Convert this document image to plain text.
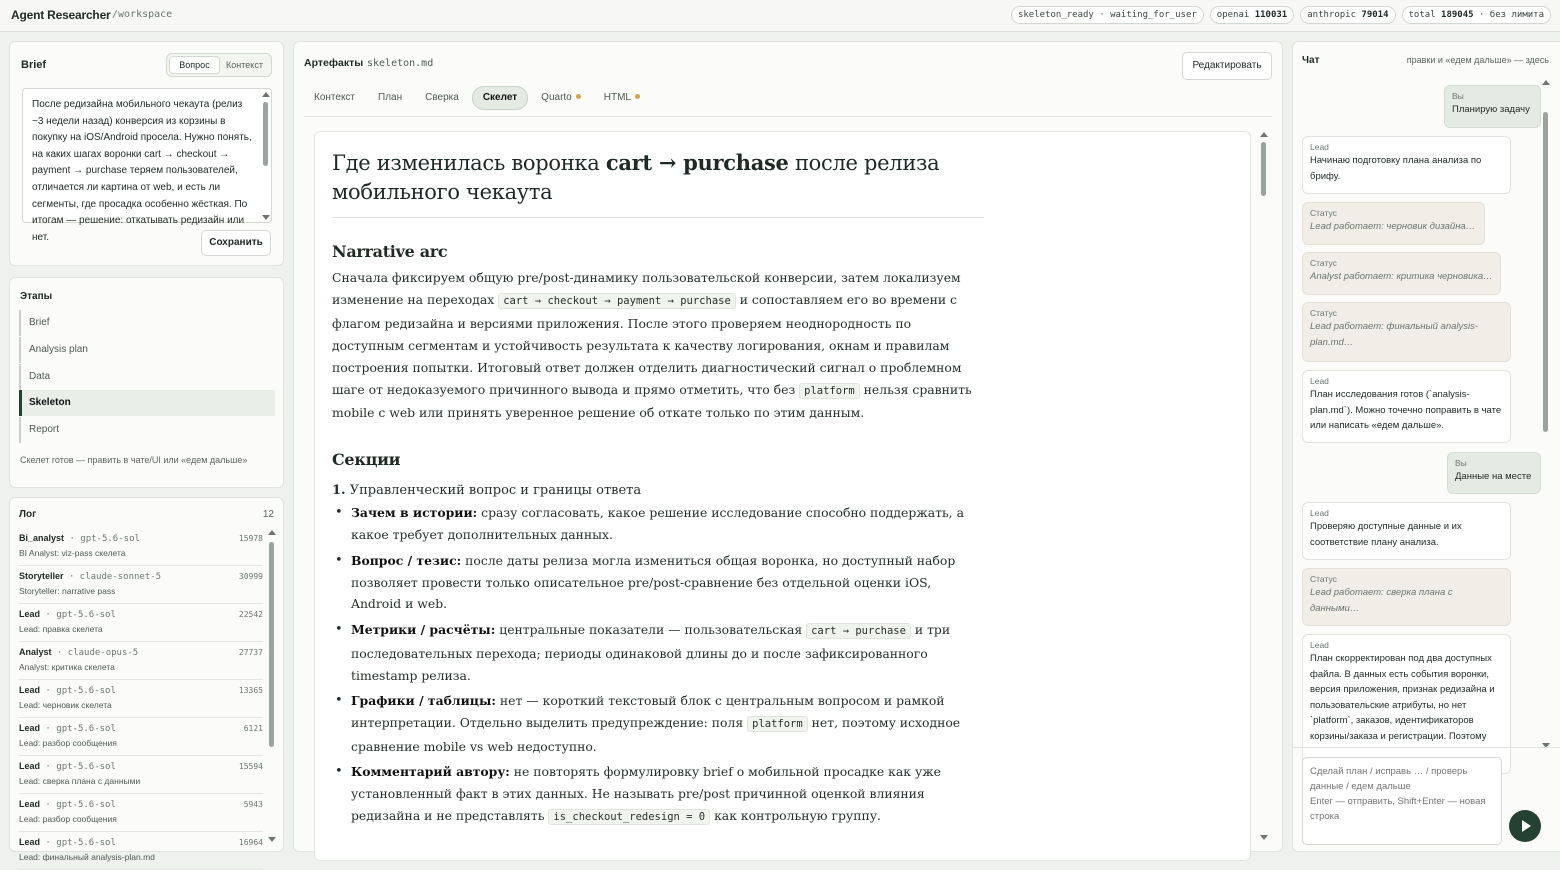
Agent Researcher /workspace	skeleton_ready · waiting_for_user	openai 110031	anthropic 79014	total 189045 · без лимита
Brief	Вопрос	Контекст
После редизайна мобильного чекаута (релиз ~3 недели назад) конверсия из корзины в покупку на iOS/Android просела. Нужно понять, на каких шагах воронки cart → checkout → payment → purchase теряем пользователей, отличается ли картина от web, и есть ли сегменты, где просадка особенно жёсткая. По итогам — решение: откатывать редизайн или нет.	Сохранить
Этапы
Brief
Analysis plan
Data
Skeleton
Report
Скелет готов — править в чате/UI или «едем дальше»
Лог	12
Bi_analyst · gpt-5.6-sol	15978
BI Analyst: viz-pass скелета
Storyteller · claude-sonnet-5	30999
Storyteller: narrative pass
Lead · gpt-5.6-sol	22542
Lead: правка скелета
Analyst · claude-opus-5	27737
Analyst: критика скелета
Lead · gpt-5.6-sol	13365
Lead: черновик скелета
Lead · gpt-5.6-sol	6121
Lead: разбор сообщения
Lead · gpt-5.6-sol	15594
Lead: сверка плана с данными
Lead · gpt-5.6-sol	5943
Lead: разбор сообщения
Lead · gpt-5.6-sol	16964
Lead: финальный analysis-plan.md
Артефакты skeleton.md	Редактировать
Контекст	План	Сверка	Скелет	Quarto	HTML
Где изменилась воронка cart → purchase после релиза мобильного чекаута
Narrative arc

Сначала фиксируем общую pre/post-динамику пользовательской конверсии, затем локализуем изменение на переходах cart → checkout → payment → purchase и сопоставляем его во времени с флагом редизайна и версиями приложения. После этого проверяем неоднородность по доступным сегментам и устойчивость результата к качеству логирования, окнам и правилам построения попытки. Итоговый ответ должен отделить диагностический сигнал о проблемном шаге от недоказуемого причинного вывода и прямо отметить, что без platform нельзя сравнить mobile с web или принять уверенное решение об откате только по этим данным.

Секции
1. Управленческий вопрос и границы ответа
• Зачем в истории: сразу согласовать, какое решение исследование способно поддержать, а какое требует дополнительных данных.
• Вопрос / тезис: после даты релиза могла измениться общая воронка, но доступный набор позволяет провести только описательное pre/post-сравнение без отдельной оценки iOS, Android и web.
• Метрики / расчёты: центральные показатели — пользовательская cart → purchase и три последовательных перехода; периоды одинаковой длины до и после зафиксированного timestamp релиза.
• Графики / таблицы: нет — короткий текстовый блок с центральным вопросом и рамкой интерпретации. Отдельно выделить предупреждение: поля platform нет, поэтому исходное сравнение mobile vs web недоступно.
• Комментарий автору: не повторять формулировку brief о мобильной просадке как уже установленный факт в этих данных. Не называть pre/post причинной оценкой влияния редизайна и не представлять is_checkout_redesign = 0 как контрольную группу.
Чат	правки и «едем дальше» — здесь
Вы
Планирую задачу
Lead
Начинаю подготовку плана анализа по брифу.
Статус
Lead работает: черновик дизайна…
Статус
Analyst работает: критика черновика…
Статус
Lead работает: финальный analysis-plan.md…
Lead
План исследования готов (`analysis-plan.md`). Можно точечно поправить в чате или написать «едем дальше».
Вы
Данные на месте
Lead
Проверяю доступные данные и их соответствие плану анализа.
Статус
Lead работает: сверка плана с данными…
Lead
План скорректирован под два доступных файла. В данных есть события воронки, версия приложения, признак редизайна и пользовательские атрибуты, но нет `platform`, заказов, идентификаторов корзины/заказа и регистрации. Поэтому
Сделай план / исправь … / проверь данные / едем дальше Enter — отправить, Shift+Enter — новая строка
